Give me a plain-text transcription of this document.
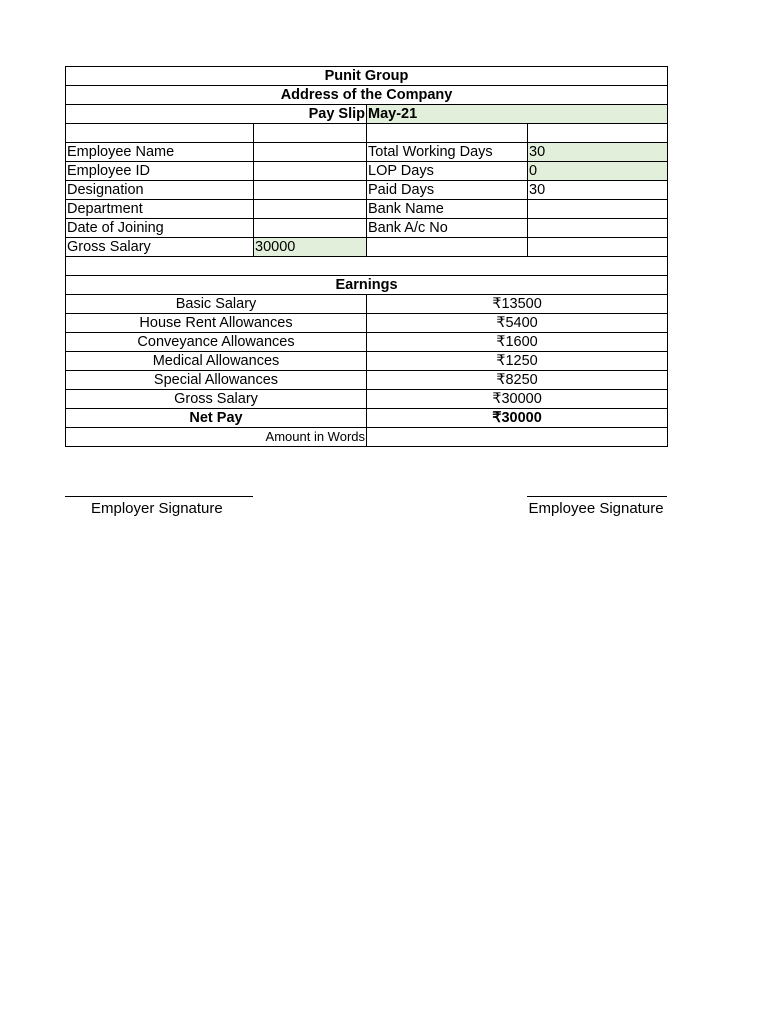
Punit Group			
Address of the Company			
Pay Slip		May-21	

Employee Name		Total Working Days	30
Employee ID		LOP Days	0
Designation		Paid Days	30
Department		Bank Name	
Date of Joining		Bank A/c No	
Gross Salary	30000		

Earnings			
Basic Salary		₹13500	
House Rent Allowances		₹5400	
Conveyance Allowances		₹1600	
Medical Allowances		₹1250	
Special Allowances		₹8250	
Gross Salary		₹30000	
Net Pay		₹30000	
Amount in Words			
Employer Signature	Employee Signature
